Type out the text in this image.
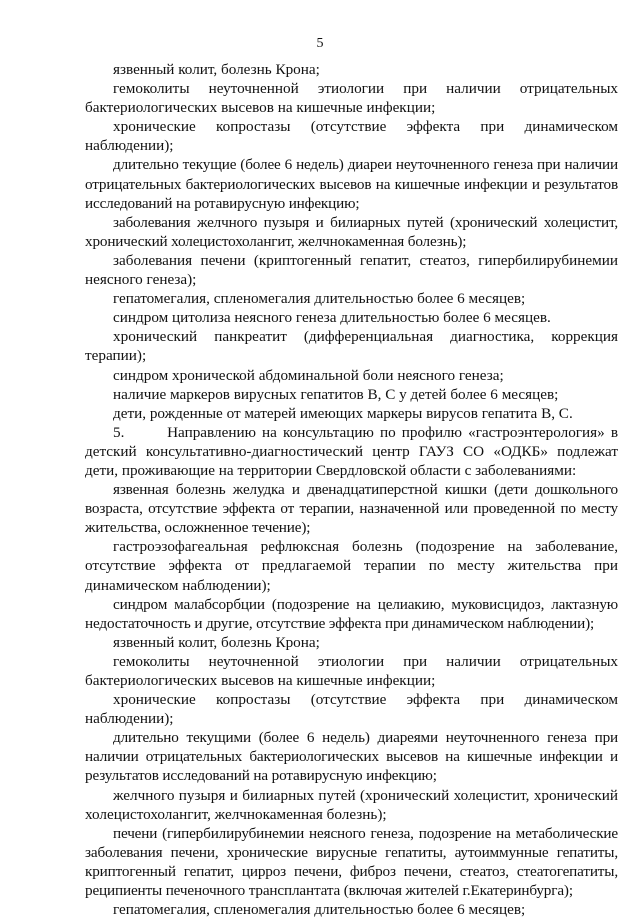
5

язвенный колит, болезнь Крона;

гемоколиты неуточненной этиологии при наличии отрицательных бактериологических высевов на кишечные инфекции;

хронические копростазы (отсутствие эффекта при динамическом наблюдении);

длительно текущие (более 6 недель) диареи неуточненного генеза при наличии отрицательных бактериологических высевов на кишечные инфекции и результатов исследований на ротавирусную инфекцию;

заболевания желчного пузыря и билиарных путей (хронический холецистит, хронический холецистохолангит, желчнокаменная болезнь);

заболевания печени (криптогенный гепатит, стеатоз, гипербилирубинемии неясного генеза);

гепатомегалия, спленомегалия длительностью более 6 месяцев;

синдром цитолиза неясного генеза длительностью более 6 месяцев.

хронический панкреатит (дифференциальная диагностика, коррекция терапии);

синдром хронической абдоминальной боли неясного генеза;

наличие маркеров вирусных гепатитов В, С у детей более 6 месяцев;

дети, рожденные от матерей имеющих маркеры вирусов гепатита В, С.

5.       Направлению на консультацию по профилю «гастроэнтерология» в детский консультативно-диагностический центр ГАУЗ СО «ОДКБ» подлежат дети, проживающие на территории Свердловской области с заболеваниями:

язвенная болезнь желудка и двенадцатиперстной кишки (дети дошкольного возраста, отсутствие эффекта от терапии, назначенной или проведенной по месту жительства, осложненное течение);

гастроэзофагеальная рефлюксная болезнь (подозрение на заболевание, отсутствие эффекта от предлагаемой терапии по месту жительства при динамическом наблюдении);

синдром малабсорбции (подозрение на целиакию, муковисцидоз, лактазную недостаточность и другие, отсутствие эффекта при динамическом наблюдении);

язвенный колит, болезнь Крона;

гемоколиты неуточненной этиологии при наличии отрицательных бактериологических высевов на кишечные инфекции;

хронические копростазы (отсутствие эффекта при динамическом наблюдении);

длительно текущими (более 6 недель) диареями неуточненного генеза при наличии отрицательных бактериологических высевов на кишечные инфекции и результатов исследований на ротавирусную инфекцию;

желчного пузыря и билиарных путей (хронический холецистит, хронический холецистохолангит, желчнокаменная болезнь);

печени (гипербилирубинемии неясного генеза, подозрение на метаболические заболевания печени, хронические вирусные гепатиты, аутоиммунные гепатиты, криптогенный гепатит, цирроз печени, фиброз печени, стеатоз, стеатогепатиты, реципиенты печеночного трансплантата (включая жителей г.Екатеринбурга);

гепатомегалия, спленомегалия длительностью более 6 месяцев;
